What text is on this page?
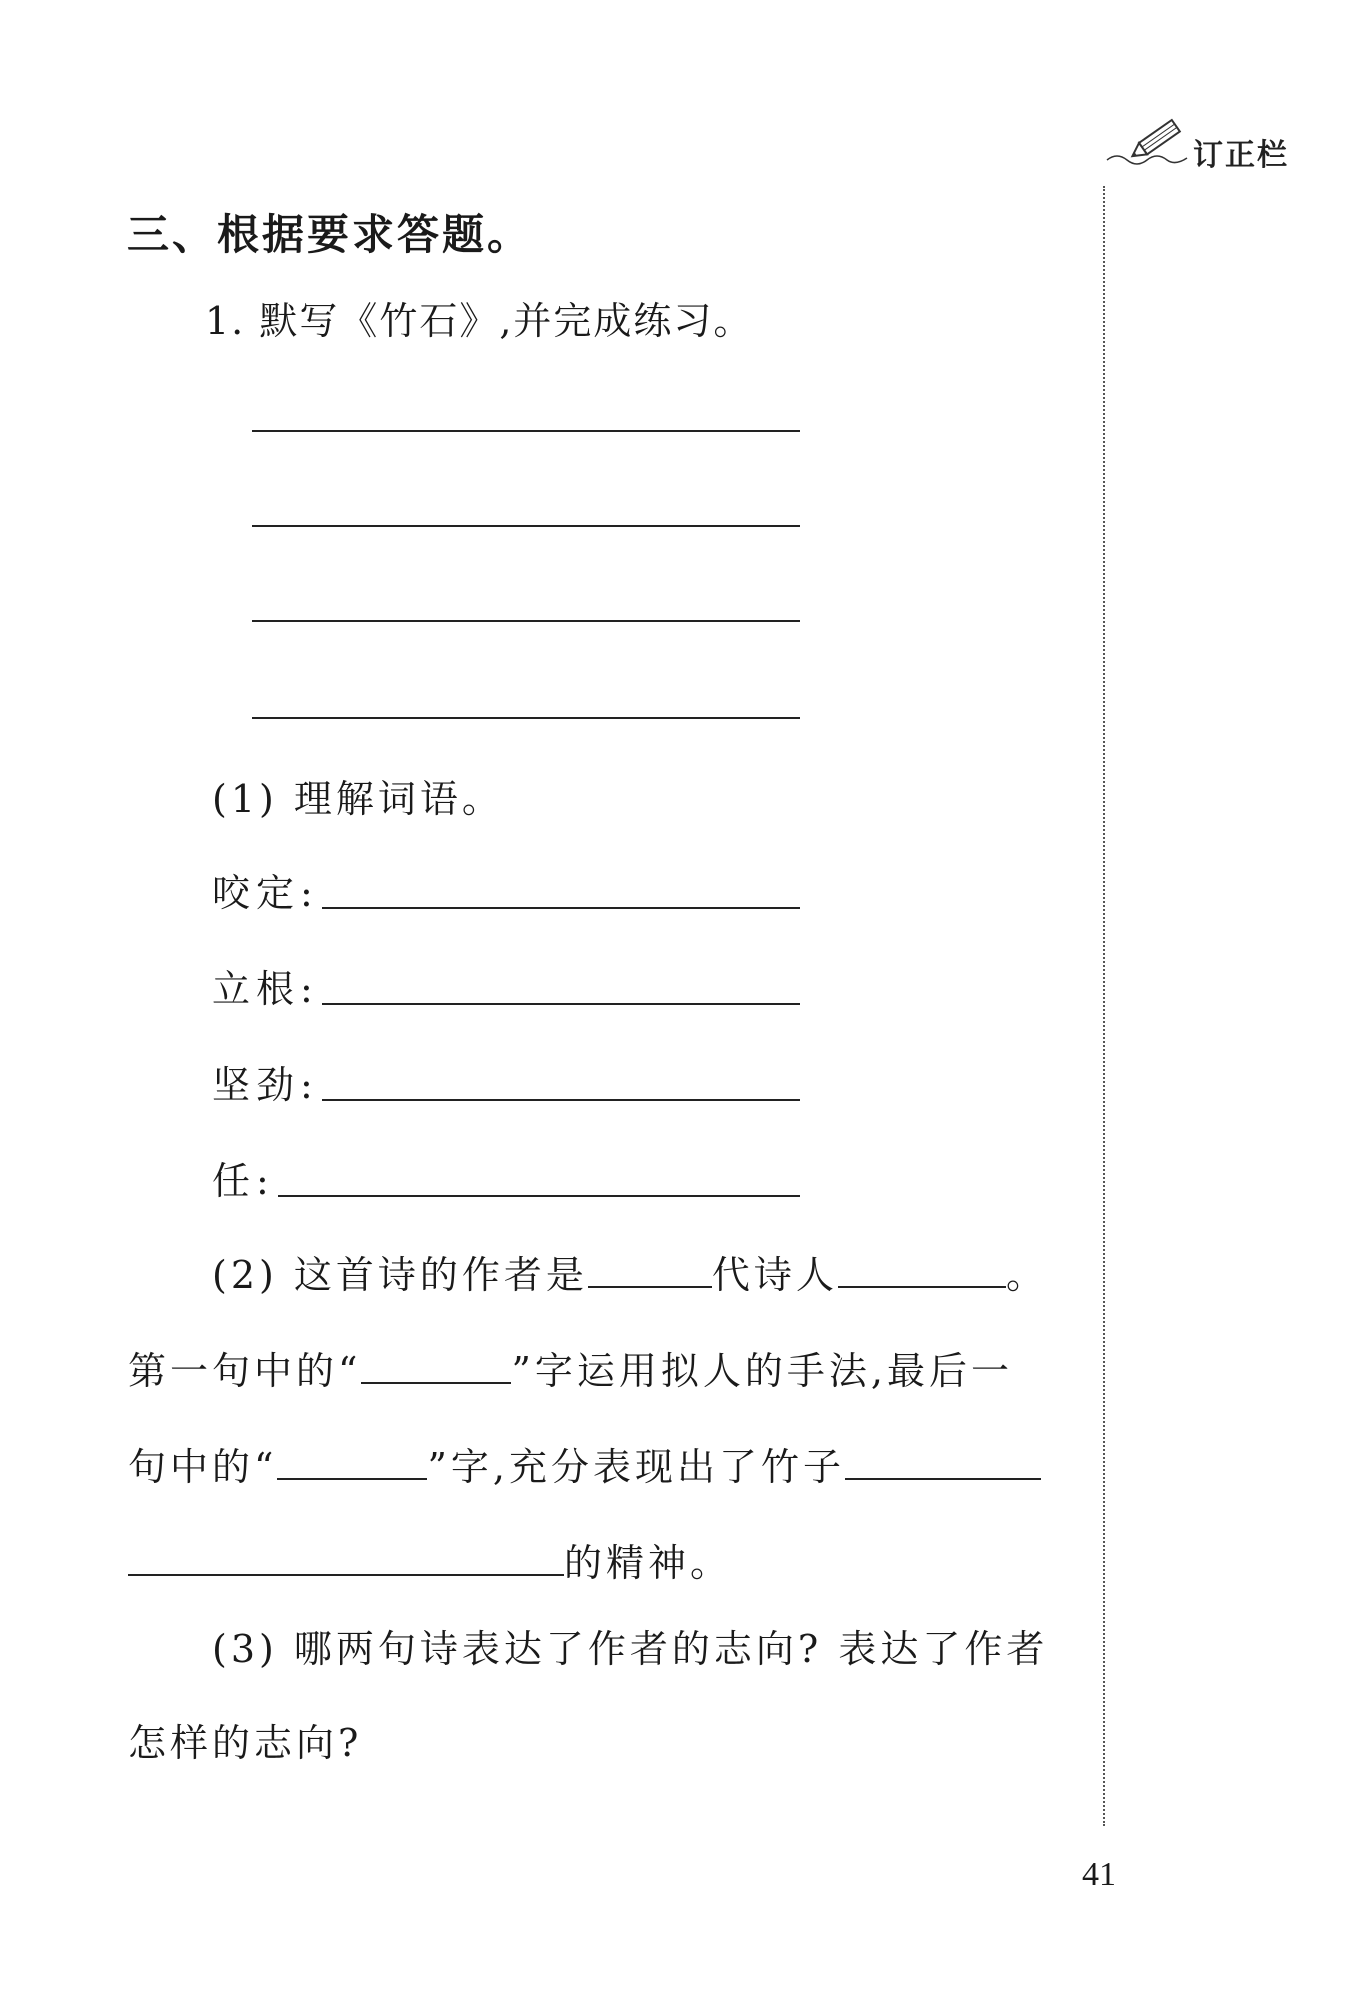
订正栏
三、根据要求答题。
1. 默写《竹石》,并完成练习。
(1) 理解词语。
咬定:
立根:
坚劲:
任:
(2) 这首诗的作者是	代诗人	。
第一句中的“	”字运用拟人的手法,最后一
句中的“	”字,充分表现出了竹子
的精神。
(3) 哪两句诗表达了作者的志向? 表达了作者
怎样的志向?
41
